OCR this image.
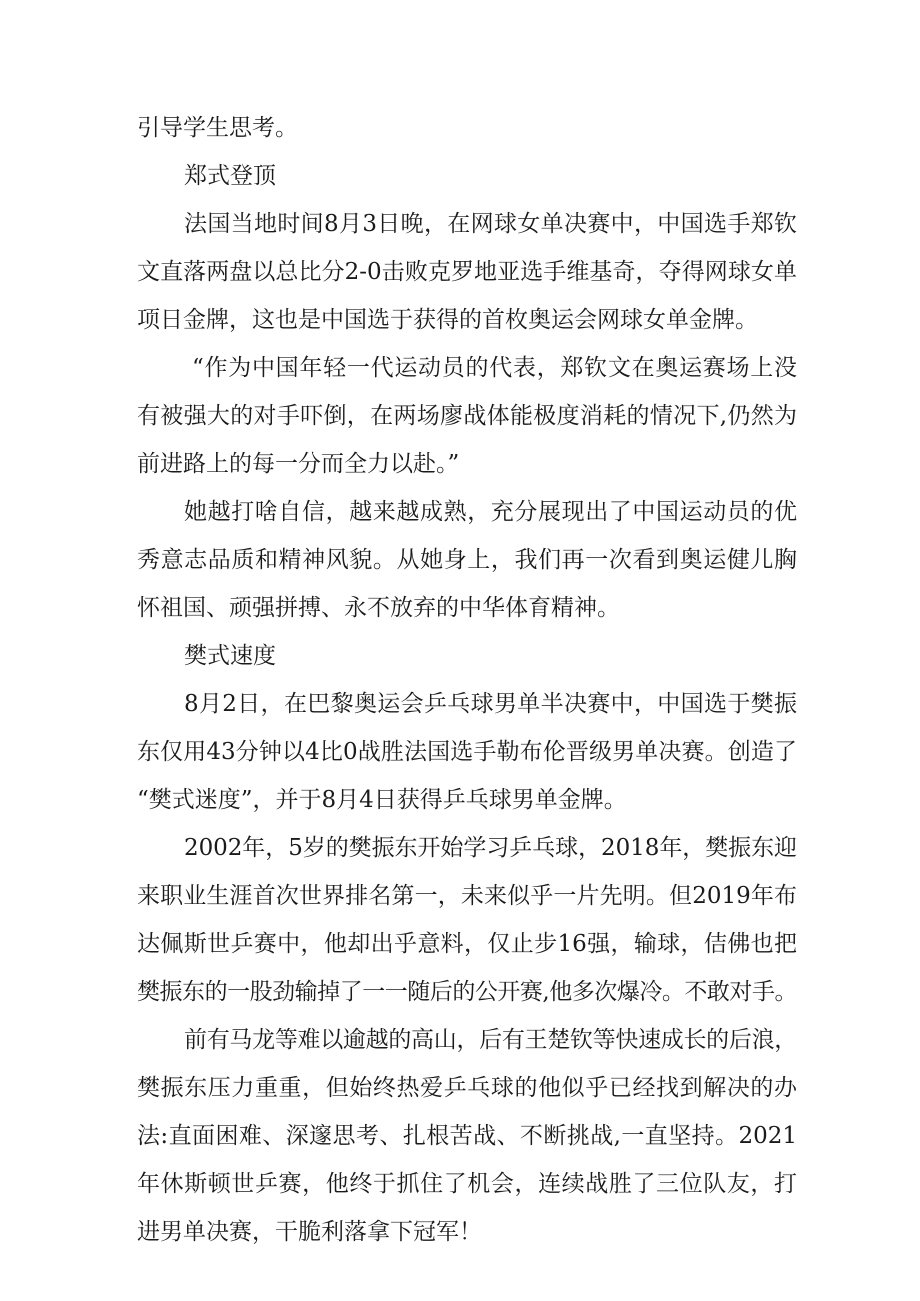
引导学生思考。
郑式登顶
法国当地时间8月3日晚，在网球女单决赛中，中国选手郑钦
文直落两盘以总比分2-0击败克罗地亚选手维基奇，夺得网球女单
项日金牌，这也是中国选于获得的首枚奥运会网球女单金牌。
“作为中国年轻一代运动员的代表，郑钦文在奥运赛场上没
有被强大的对手吓倒，在两场廖战体能极度消耗的情况下,仍然为
前进路上的每一分而全力以赴。”
她越打啥自信，越来越成熟，充分展现出了中国运动员的优
秀意志品质和精神风貌。从她身上，我们再一次看到奥运健儿胸
怀祖国、顽强拼搏、永不放弃的中华体育精神。
樊式速度
8月2日，在巴黎奥运会乒乓球男单半决赛中，中国选于樊振
东仅用43分钟以4比0战胜法国选手勒布伦晋级男单决赛。创造了
“樊式迷度”，并于8月4日获得乒乓球男单金牌。
2002年，5岁的樊振东开始学习乒乓球，2018年，樊振东迎
来职业生涯首次世界排名第一，未来似乎一片先明。但2019年布
达佩斯世乒赛中，他却出乎意料，仅止步16强，输球，佶佛也把
樊振东的一股劲输掉了一一随后的公开赛,他多次爆冷。不敢对手。
前有马龙等难以逾越的高山，后有王楚钦等快速成长的后浪，
樊振东压力重重，但始终热爱乒乓球的他似乎已经找到解决的办
法:直面困难、深邃思考、扎根苦战、不断挑战,一直坚持。2021
年休斯顿世乒赛，他终于抓住了机会，连续战胜了三位队友，打
进男单决赛，干脆利落拿下冠军！
